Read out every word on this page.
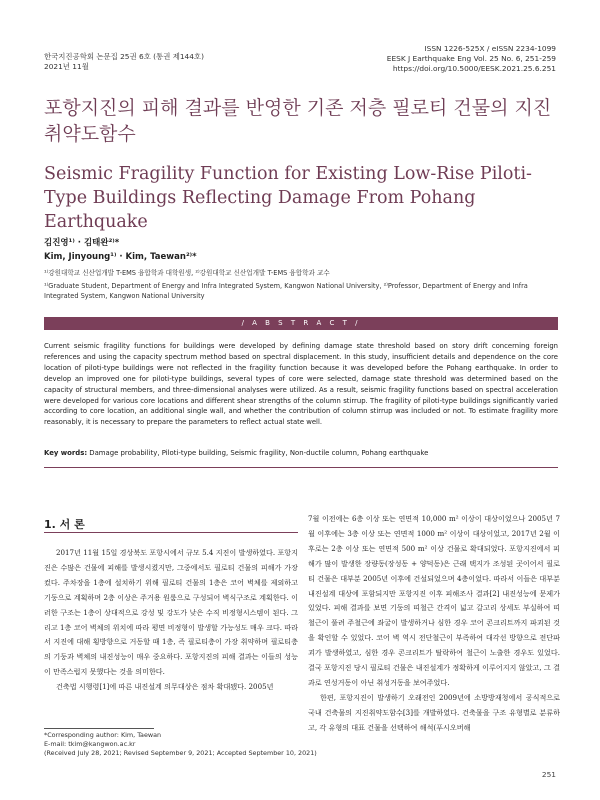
한국지진공학회 논문집 25권 6호 (통권 제144호)
2021년 11월
ISSN 1226-525X / eISSN 2234-1099
EESK J Earthquake Eng Vol. 25 No. 6, 251-259
https://doi.org/10.5000/EESK.2021.25.6.251
포항지진의 피해 결과를 반영한 기존 저층 필로티 건물의 지진취약도함수
Seismic Fragility Function for Existing Low-Rise Piloti-Type Buildings Reflecting Damage From Pohang Earthquake
김진영¹⁾ · 김태완²⁾*
Kim, Jinyoung¹⁾ · Kim, Taewan²⁾*
¹⁾강원대학교 신산업개발 T-EMS 융합학과 대학원생, ²⁾강원대학교 신산업개발 T-EMS 융합학과 교수
¹⁾Graduate Student, Department of Energy and Infra Integrated System, Kangwon National University, ²⁾Professor, Department of Energy and Infra Integrated System, Kangwon National University
/ A B S T R A C T /
Current seismic fragility functions for buildings were developed by defining damage state threshold based on story drift concerning foreign references and using the capacity spectrum method based on spectral displacement. In this study, insufficient details and dependence on the core location of piloti-type buildings were not reflected in the fragility function because it was developed before the Pohang earthquake. In order to develop an improved one for piloti-type buildings, several types of core were selected, damage state threshold was determined based on the capacity of structural members, and three-dimensional analyses were utilized. As a result, seismic fragility functions based on spectral acceleration were developed for various core locations and different shear strengths of the column stirrup. The fragility of piloti-type buildings significantly varied according to core location, an additional single wall, and whether the contribution of column stirrup was included or not. To estimate fragility more reasonably, it is necessary to prepare the parameters to reflect actual state well.
Key words: Damage probability, Piloti-type building, Seismic fragility, Non-ductile column, Pohang earthquake
1. 서 론

2017년 11월 15일 경상북도 포항시에서 규모 5.4 지진이 발생하였다. 포항지진은 수많은 건물에 피해를 발생시켰지만, 그중에서도 필로티 건물의 피해가 가장 컸다. 주차장을 1층에 설치하기 위해 필로티 건물의 1층은 코어 벽체를 제외하고 기둥으로 계획하며 2층 이상은 주거용 원룸으로 구성되어 벽식구조로 계획한다. 이러한 구조는 1층이 상대적으로 강성 및 강도가 낮은 수직 비정형시스템이 된다. 그리고 1층 코어 벽체의 위치에 따라 평면 비정형이 발생할 가능성도 매우 크다. 따라서 지진에 대해 횡방향으로 거동할 때 1층, 즉 필로티층이 가장 취약하며 필로티층의 기둥과 벽체의 내진성능이 매우 중요하다. 포항지진의 피해 결과는 이들의 성능이 만족스럽지 못했다는 것을 의미한다.

건축법 시행령[1]에 따른 내진설계 의무대상은 점차 확대됐다. 2005년

7월 이전에는 6층 이상 또는 연면적 10,000 m² 이상이 대상이었으나 2005년 7월 이후에는 3층 이상 또는 연면적 1000 m² 이상이 대상이었고, 2017년 2월 이후로는 2층 이상 또는 연면적 500 m² 이상 건물로 확대되었다. 포항지진에서 피해가 많이 발생한 장량동(장성동 + 양덕동)은 근래 택지가 조성된 곳이어서 필로티 건물은 대부분 2005년 이후에 건설되었으며 4층이었다. 따라서 이들은 대부분 내진설계 대상에 포함되지만 포항지진 이후 피해조사 결과[2] 내진성능에 문제가 있었다. 피해 결과를 보면 기둥의 띠철근 간격이 넓고 갈고리 상세도 부실하여 띠철근이 풀려 주철근에 좌굴이 발생하거나 심한 경우 코어 콘크리트까지 파괴된 것을 확인할 수 있었다. 코어 벽 역시 전단철근이 부족하여 대각선 방향으로 전단파괴가 발생하였고, 심한 경우 콘크리트가 탈락하여 철근이 노출한 경우도 있었다. 결국 포항지진 당시 필로티 건물은 내진설계가 정확하게 이루어지지 않았고, 그 결과로 연성거동이 아닌 취성거동을 보여주었다.

한편, 포항지진이 발생하기 오래전인 2009년에 소방방재청에서 공식적으로 국내 건축물의 지진취약도함수[3]를 개발하였다. 건축물을 구조 유형별로 분류하고, 각 유형의 대표 건물을 선택하여 해석(푸시오버해

*Corresponding author: Kim, Taewan
E-mail: tkim@kangwon.ac.kr
(Received July 28, 2021; Revised September 9, 2021; Accepted September 10, 2021)
251
